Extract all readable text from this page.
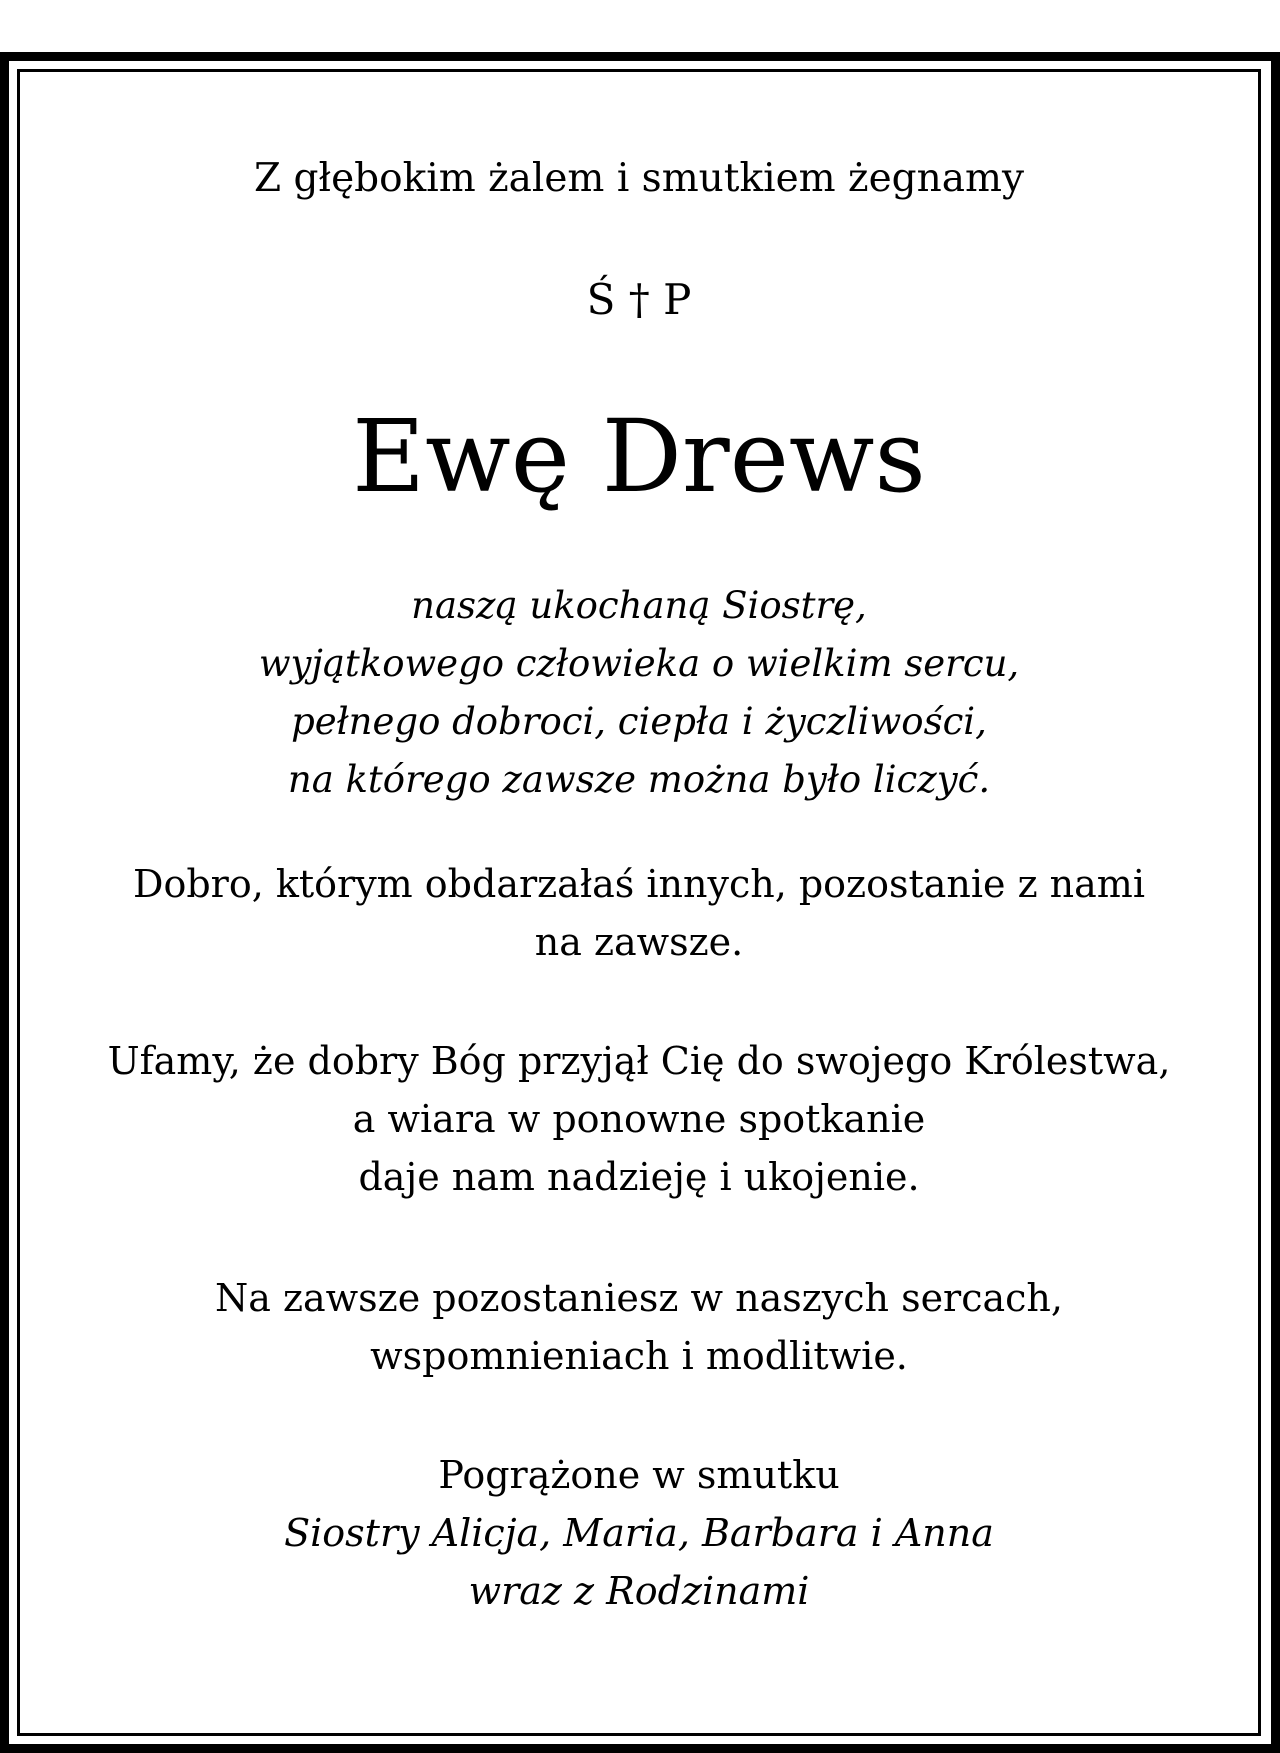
Z głębokim żalem i smutkiem żegnamy
Ś † P
Ewę Drews
naszą ukochaną Siostrę,
wyjątkowego człowieka o wielkim sercu,
pełnego dobroci, ciepła i życzliwości,
na którego zawsze można było liczyć.
Dobro, którym obdarzałaś innych, pozostanie z nami
na zawsze.
Ufamy, że dobry Bóg przyjął Cię do swojego Królestwa,
a wiara w ponowne spotkanie
daje nam nadzieję i ukojenie.
Na zawsze pozostaniesz w naszych sercach,
wspomnieniach i modlitwie.
Pogrążone w smutku
Siostry Alicja, Maria, Barbara i Anna
wraz z Rodzinami
